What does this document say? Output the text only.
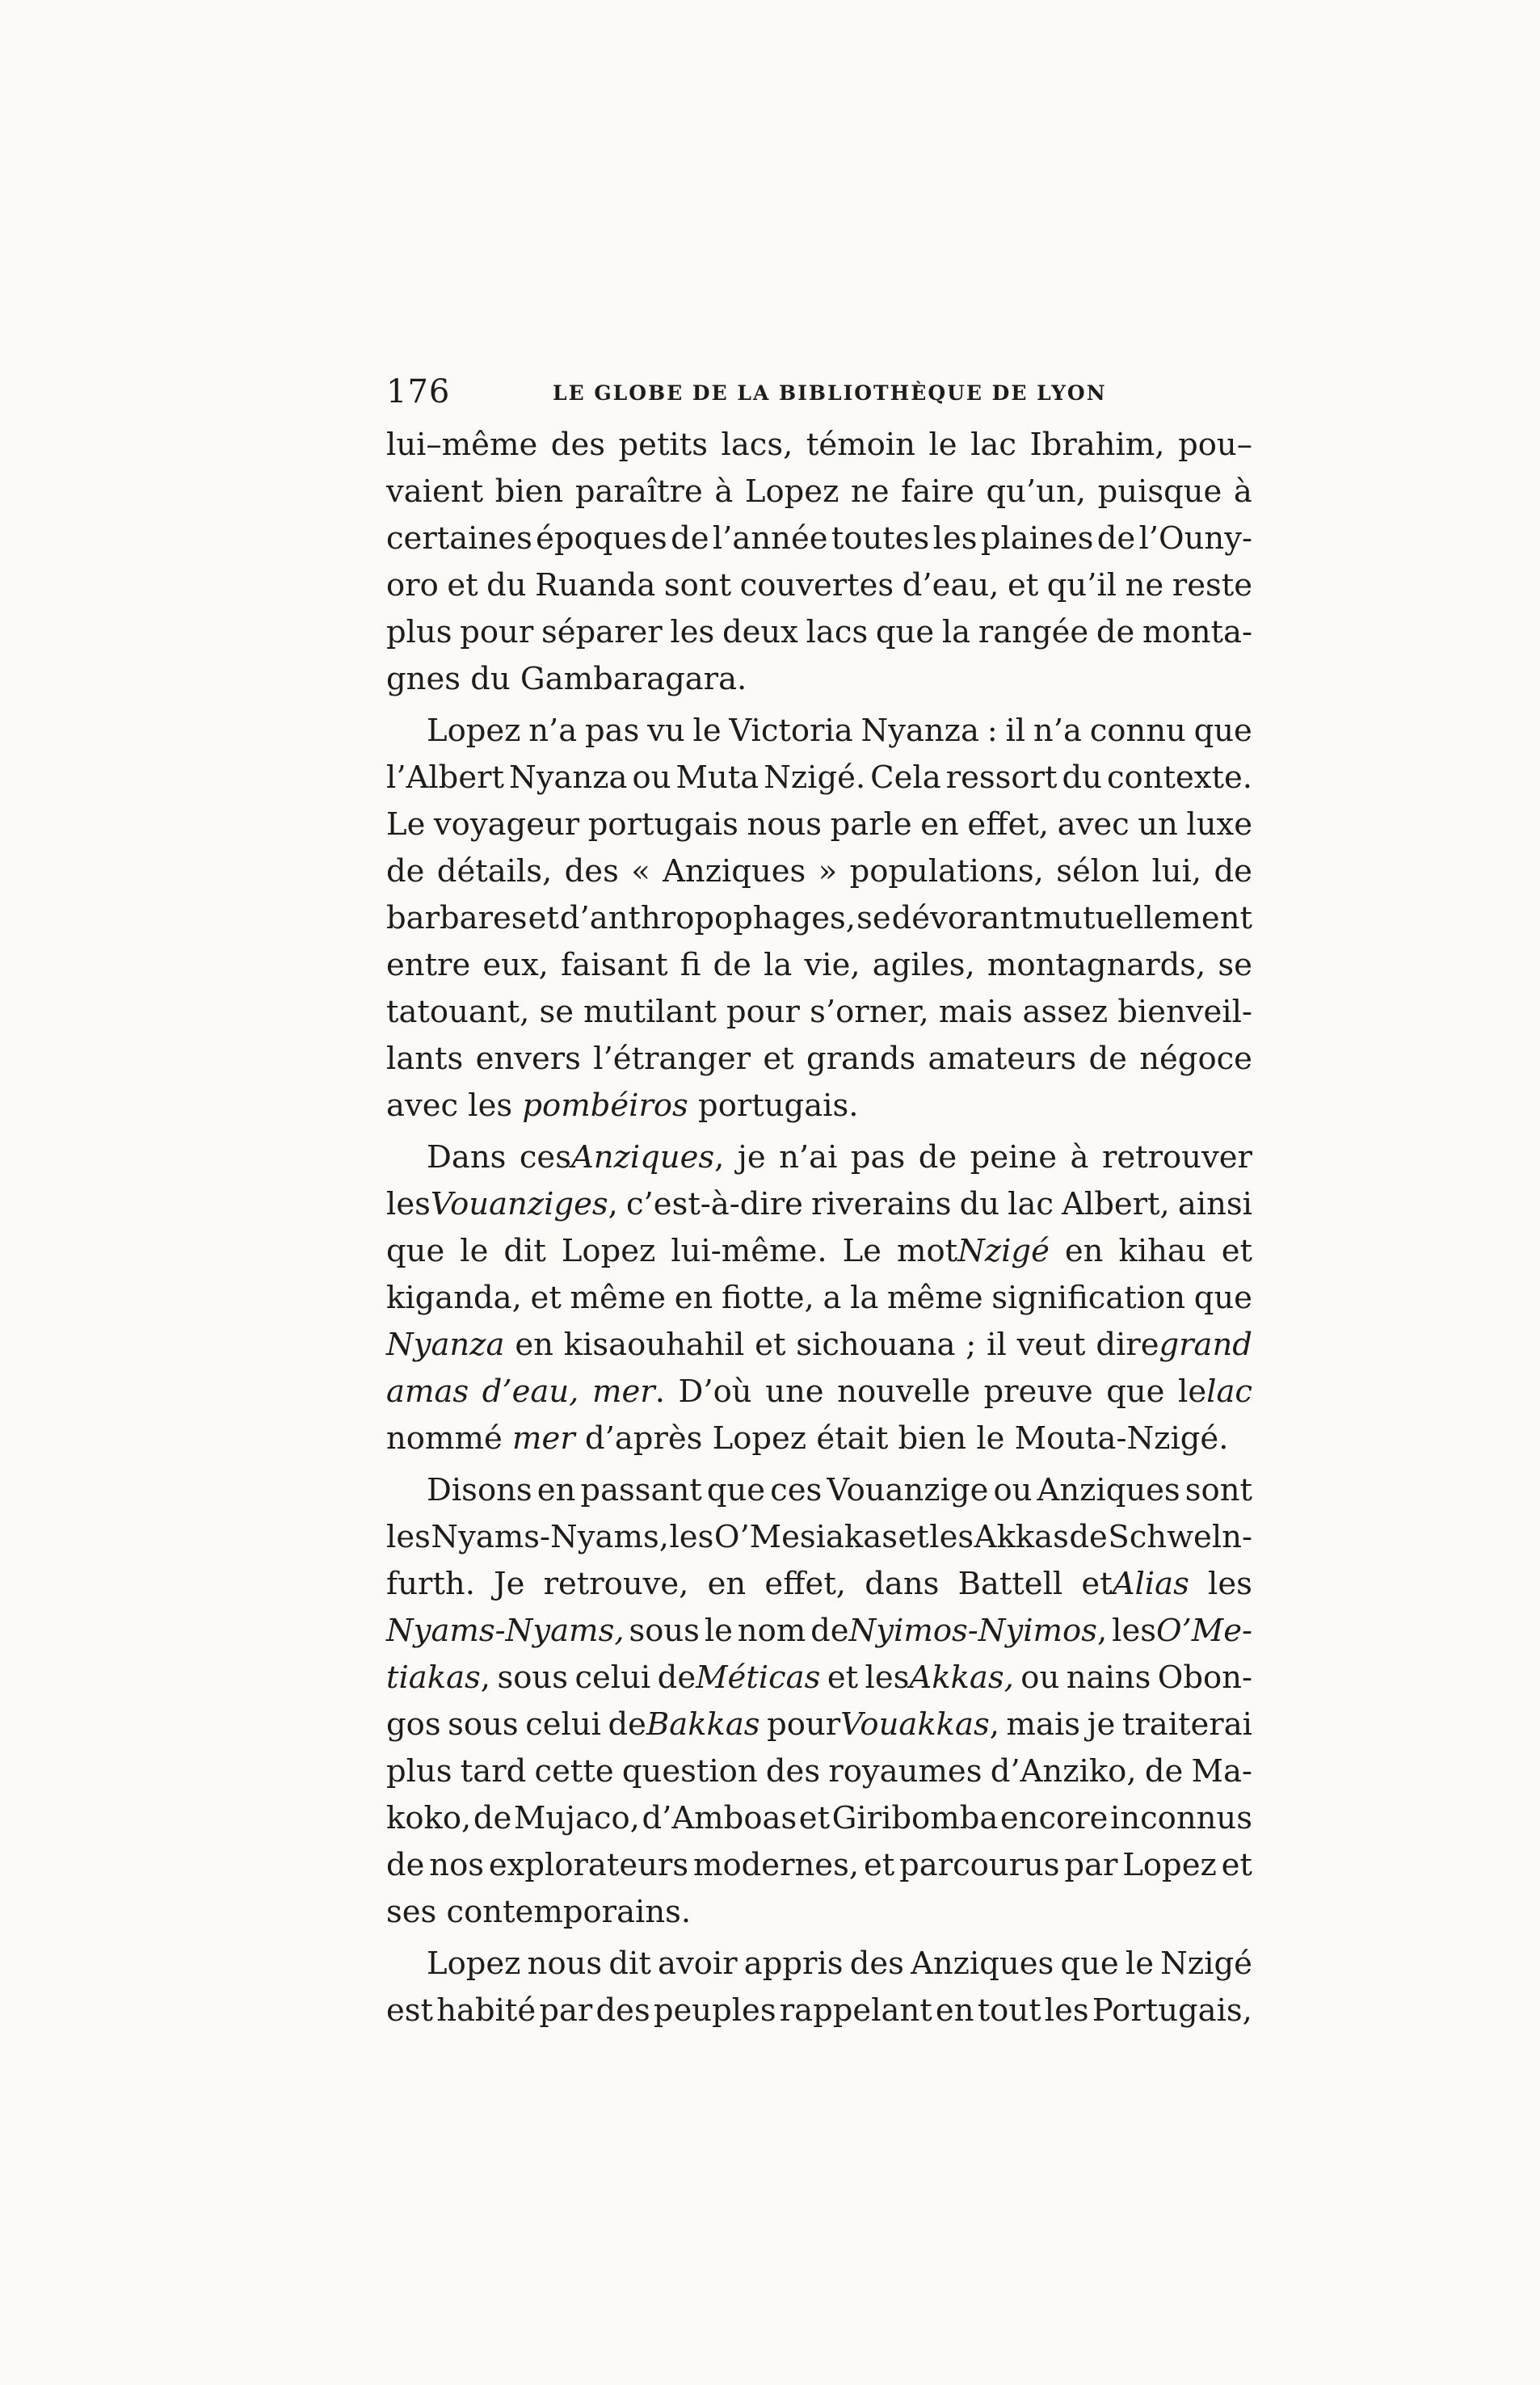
176	LE GLOBE DE LA BIBLIOTHÈQUE DE LYON
lui–même des petits lacs, témoin le lac Ibrahim, pou–
vaient bien paraître à Lopez ne faire qu’un, puisque à
certaines époques de l’année toutes les plaines de l’Ouny-
oro et du Ruanda sont couvertes d’eau, et qu’il ne reste
plus pour séparer les deux lacs que la rangée de monta-
gnes du Gambaragara.
Lopez n’a pas vu le Victoria Nyanza : il n’a connu que
l’Albert Nyanza ou Muta Nzigé. Cela ressort du contexte.
Le voyageur portugais nous parle en effet, avec un luxe
de détails, des « Anziques » populations, sélon lui, de
barbares et d’anthropophages, se dévorant mutuellement
entre eux, faisant fi de la vie, agiles, montagnards, se
tatouant, se mutilant pour s’orner, mais assez bienveil-
lants envers l’étranger et grands amateurs de négoce
avec les pombéiros portugais.
Dans cesAnziques, je n’ai pas de peine à retrouver
lesVouanziges, c’est-à-dire riverains du lac Albert, ainsi
que le dit Lopez lui-même. Le motNzigé en kihau et
kiganda, et même en fiotte, a la même signification que
Nyanza en kisaouhahil et sichouana ; il veut diregrand
amas d’eau, mer. D’où une nouvelle preuve que lelac
nommé mer d’après Lopez était bien le Mouta-Nzigé.
Disons en passant que ces Vouanzige ou Anziques sont
les Nyams-Nyams, les O’Mesiakas et les Akkas de Schweln-
furth. Je retrouve, en effet, dans Battell etAlias les
Nyams-Nyams, sous le nom deNyimos-Nyimos, lesO’Me-
tiakas, sous celui deMéticas et lesAkkas, ou nains Obon-
gos sous celui deBakkas pourVouakkas, mais je traiterai
plus tard cette question des royaumes d’Anziko, de Ma-
koko, de Mujaco, d’Amboas et Giribomba encore inconnus
de nos explorateurs modernes, et parcourus par Lopez et
ses contemporains.
Lopez nous dit avoir appris des Anziques que le Nzigé
est habité par des peuples rappelant en tout les Portugais,
